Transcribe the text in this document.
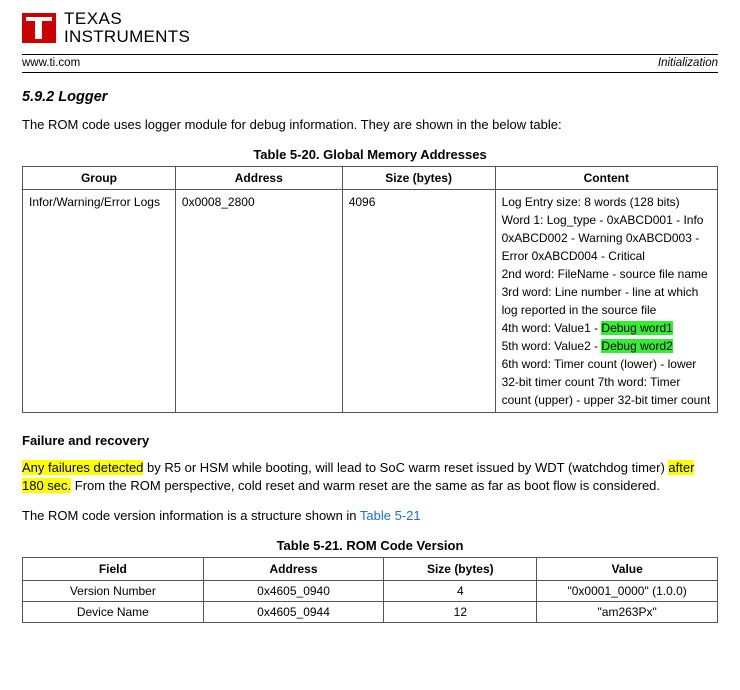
TEXAS
INSTRUMENTS
www.ti.com	Initialization
5.9.2 Logger

The ROM code uses logger module for debug information. They are shown in the below table:

Table 5-20. Global Memory Addresses
Group	Address	Size (bytes)	Content
Infor/Warning/Error Logs	0x0008_2800	4096	Log Entry size: 8 words (128 bits)
Word 1: Log_type - 0xABCD001 - Info 0xABCD002 - Warning 0xABCD003 - Error 0xABCD004 - Critical
2nd word: FileName - source file name
3rd word: Line number - line at which log reported in the source file
4th word: Value1 - Debug word1
5th word: Value2 - Debug word2
6th word: Timer count (lower) - lower 32-bit timer count 7th word: Timer count (upper) - upper 32-bit timer count
Failure and recovery

Any failures detected by R5 or HSM while booting, will lead to SoC warm reset issued by WDT (watchdog timer) after 180 sec. From the ROM perspective, cold reset and warm reset are the same as far as boot flow is considered.

The ROM code version information is a structure shown in Table 5-21

Table 5-21. ROM Code Version
Field	Address	Size (bytes)	Value
Version Number	0x4605_0940	4	"0x0001_0000" (1.0.0)
Device Name	0x4605_0944	12	"am263Px"
